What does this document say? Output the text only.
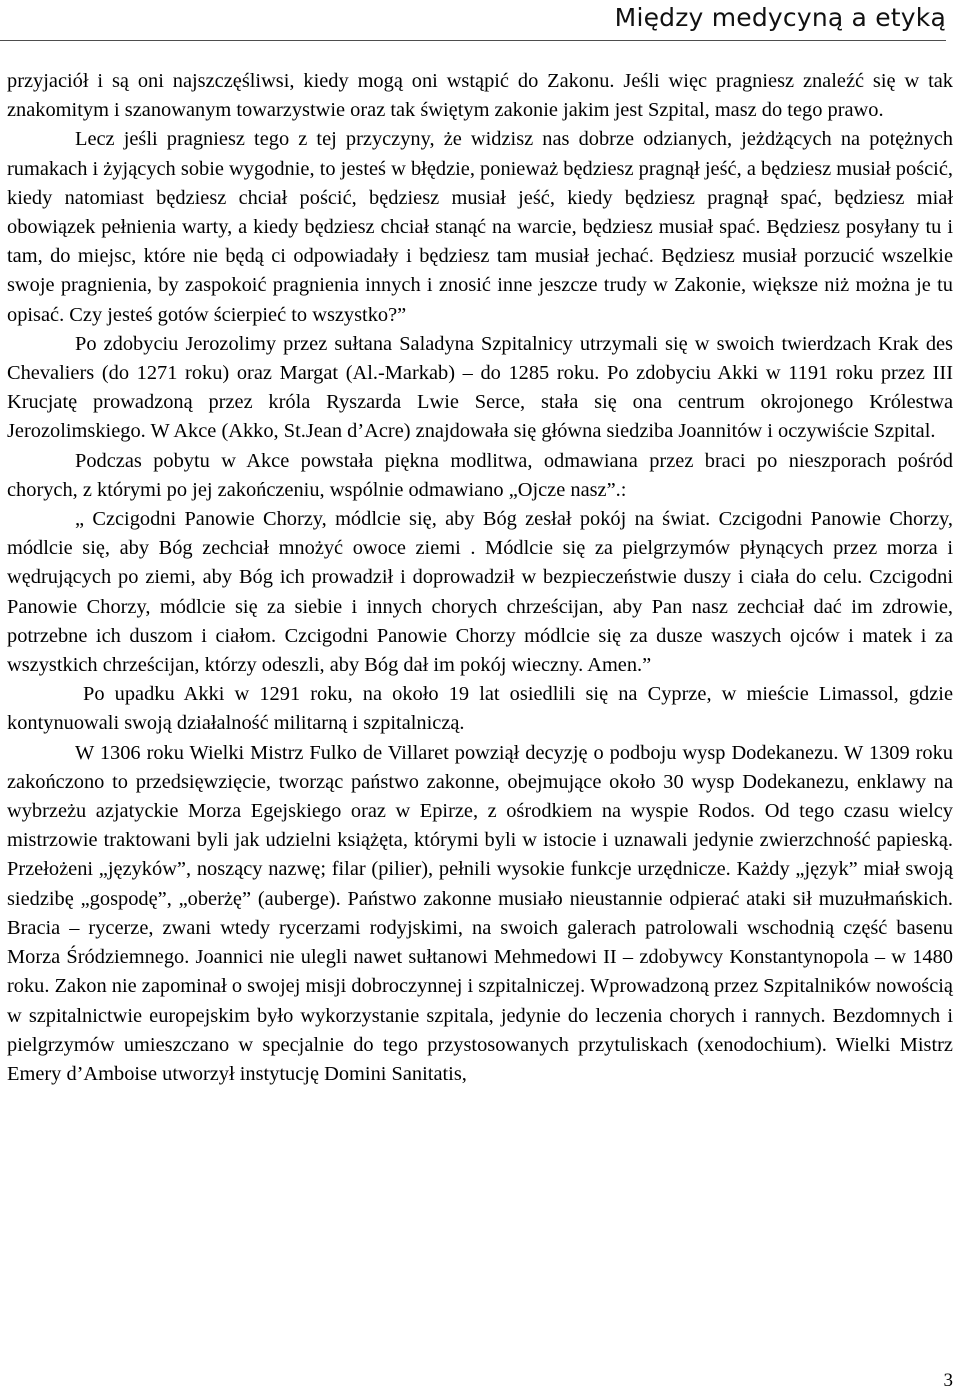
Między medycyną a etyką

przyjaciół i są oni najszczęśliwsi, kiedy mogą oni wstąpić do Zakonu. Jeśli więc pragniesz znaleźć się w tak znakomitym i szanowanym towarzystwie oraz tak świętym zakonie jakim jest Szpital, masz do tego prawo.

Lecz jeśli pragniesz tego z tej przyczyny, że widzisz nas dobrze odzianych, jeżdżących na potężnych rumakach i żyjących sobie wygodnie, to jesteś w błędzie, ponieważ będziesz pragnął jeść, a będziesz musiał pościć, kiedy natomiast będziesz chciał pościć, będziesz musiał jeść, kiedy będziesz pragnął spać, będziesz miał obowiązek pełnienia warty, a kiedy będziesz chciał stanąć na warcie, będziesz musiał spać. Będziesz posyłany tu i tam, do miejsc, które nie będą ci odpowiadały i będziesz tam musiał jechać. Będziesz musiał porzucić wszelkie swoje pragnienia, by zaspokoić pragnienia innych i znosić inne jeszcze trudy w Zakonie, większe niż można je tu opisać. Czy jesteś gotów ścierpieć to wszystko?”

Po zdobyciu Jerozolimy przez sułtana Saladyna Szpitalnicy utrzymali się w swoich twierdzach Krak des Chevaliers (do 1271 roku) oraz Margat (Al.-Markab) – do 1285 roku. Po zdobyciu Akki w 1191 roku przez III Krucjatę prowadzoną przez króla Ryszarda Lwie Serce, stała się ona centrum okrojonego Królestwa Jerozolimskiego. W Akce (Akko, St.Jean d’Acre) znajdowała się główna siedziba Joannitów i oczywiście Szpital.

Podczas pobytu w Akce powstała piękna modlitwa, odmawiana przez braci po nieszporach pośród chorych, z którymi po jej zakończeniu, wspólnie odmawiano „Ojcze nasz”.:

„ Czcigodni Panowie Chorzy, módlcie się, aby Bóg zesłał pokój na świat. Czcigodni Panowie Chorzy, módlcie się, aby Bóg zechciał mnożyć owoce ziemi . Módlcie się za pielgrzymów płynących przez morza i wędrujących po ziemi, aby Bóg ich prowadził i doprowadził w bezpieczeństwie duszy i ciała do celu. Czcigodni Panowie Chorzy, módlcie się za siebie i innych chorych chrześcijan, aby Pan nasz zechciał dać im zdrowie, potrzebne ich duszom i ciałom. Czcigodni Panowie Chorzy módlcie się za dusze waszych ojców i matek i za wszystkich chrześcijan, którzy odeszli, aby Bóg dał im pokój wieczny. Amen.”

Po upadku Akki w 1291 roku, na około 19 lat osiedlili się na Cyprze, w mieście Limassol, gdzie kontynuowali swoją działalność militarną i szpitalniczą.

W 1306 roku Wielki Mistrz Fulko de Villaret powziął decyzję o podboju wysp Dodekanezu. W 1309 roku zakończono to przedsięwzięcie, tworząc państwo zakonne, obejmujące około 30 wysp Dodekanezu, enklawy na wybrzeżu azjatyckie Morza Egejskiego oraz w Epirze, z ośrodkiem na wyspie Rodos. Od tego czasu wielcy mistrzowie traktowani byli jak udzielni książęta, którymi byli w istocie i uznawali jedynie zwierzchność papieską. Przełożeni „języków”, noszący nazwę; filar (pilier), pełnili wysokie funkcje urzędnicze. Każdy „język” miał swoją siedzibę „gospodę”, „oberżę” (auberge). Państwo zakonne musiało nieustannie odpierać ataki sił muzułmańskich. Bracia – rycerze, zwani wtedy rycerzami rodyjskimi, na swoich galerach patrolowali wschodnią część basenu Morza Śródziemnego. Joannici nie ulegli nawet sułtanowi Mehmedowi II – zdobywcy Konstantynopola – w 1480 roku. Zakon nie zapominał o swojej misji dobroczynnej i szpitalniczej. Wprowadzoną przez Szpitalników nowością w szpitalnictwie europejskim było wykorzystanie szpitala, jedynie do leczenia chorych i rannych. Bezdomnych i pielgrzymów umieszczano w specjalnie do tego przystosowanych przytuliskach (xenodochium). Wielki Mistrz Emery d’Amboise utworzył instytucję Domini Sanitatis,

3
